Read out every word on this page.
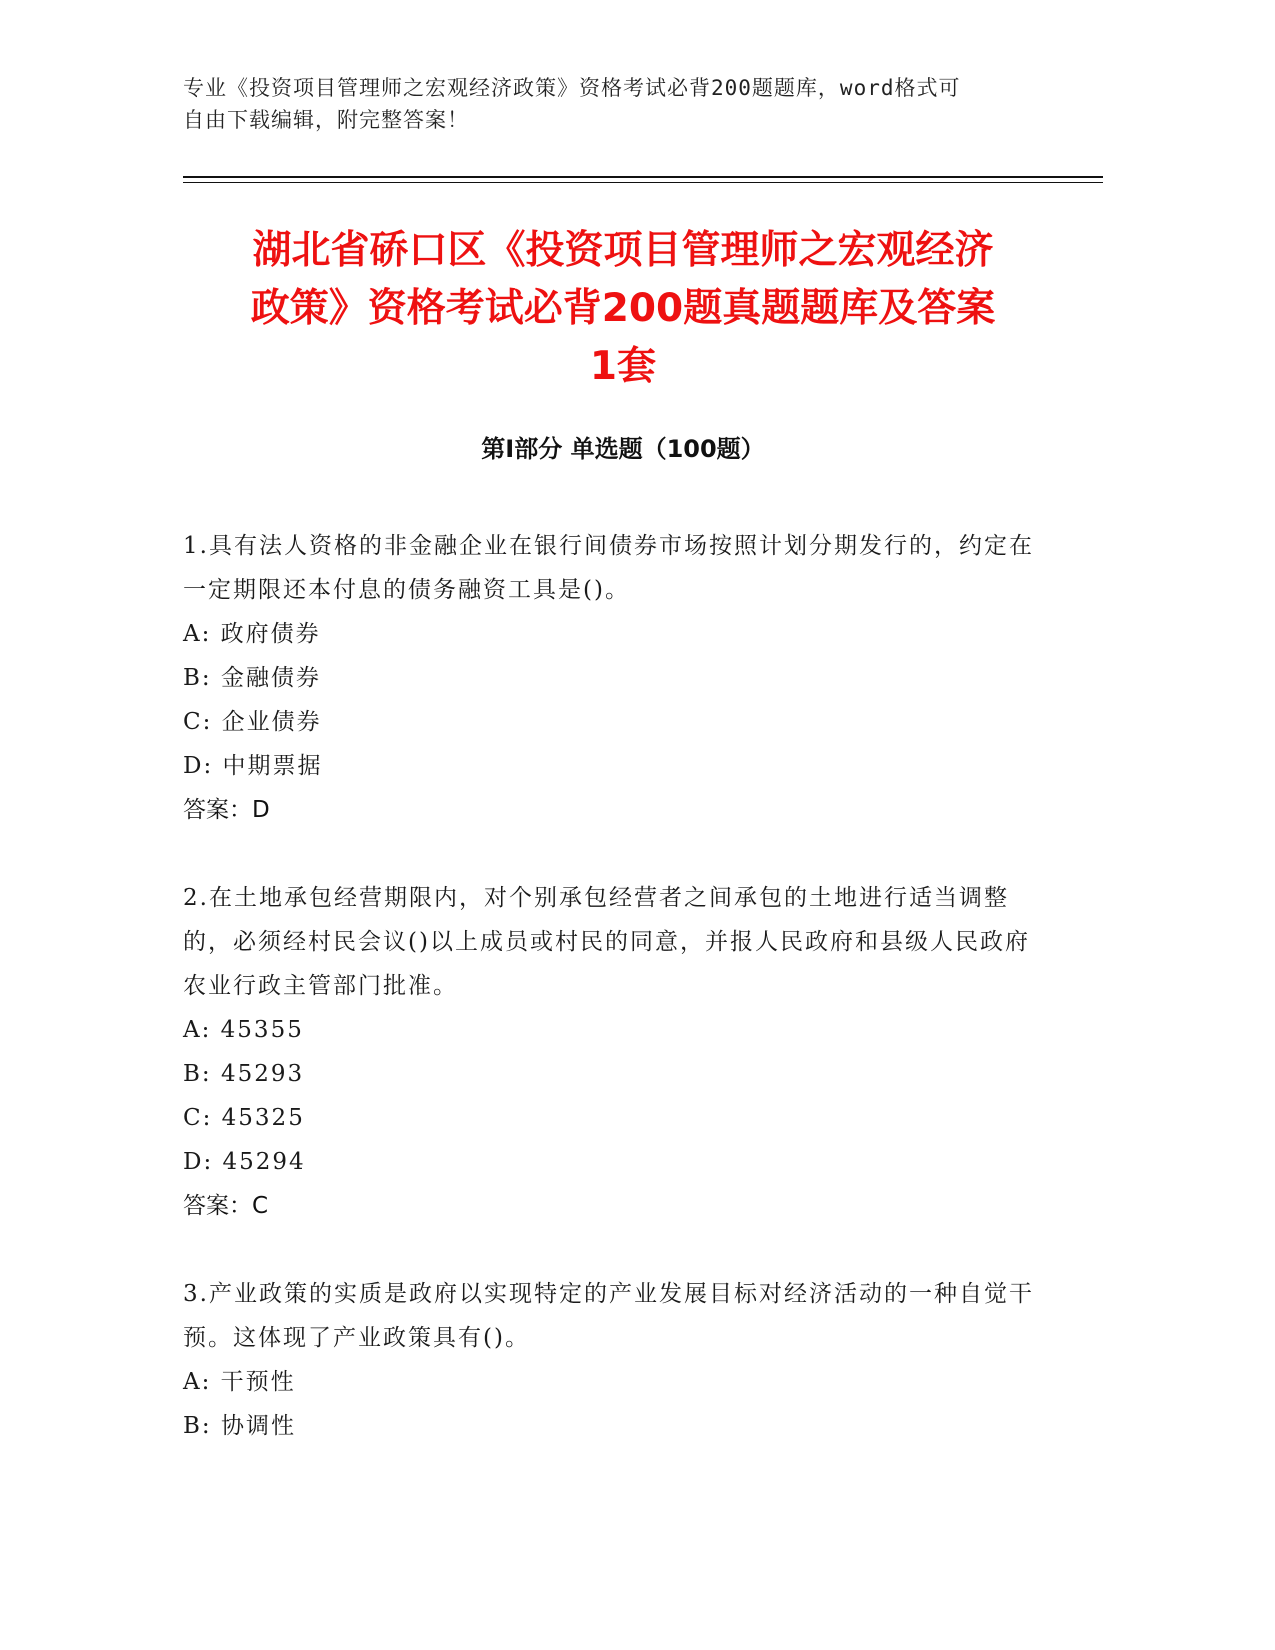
专业《投资项目管理师之宏观经济政策》资格考试必背200题题库，word格式可
自由下载编辑，附完整答案！
湖北省硚口区《投资项目管理师之宏观经济
政策》资格考试必背200题真题题库及答案
1套
第Ⅰ部分 单选题（100题）
1.具有法人资格的非金融企业在银行间债券市场按照计划分期发行的，约定在一定期限还本付息的债务融资工具是()。
A: 政府债券
B: 金融债券
C: 企业债券
D: 中期票据
答案：D
2.在土地承包经营期限内，对个别承包经营者之间承包的土地进行适当调整的，必须经村民会议()以上成员或村民的同意，并报人民政府和县级人民政府农业行政主管部门批准。
A: 45355
B: 45293
C: 45325
D: 45294
答案：C
3.产业政策的实质是政府以实现特定的产业发展目标对经济活动的一种自觉干预。这体现了产业政策具有()。
A: 干预性
B: 协调性
